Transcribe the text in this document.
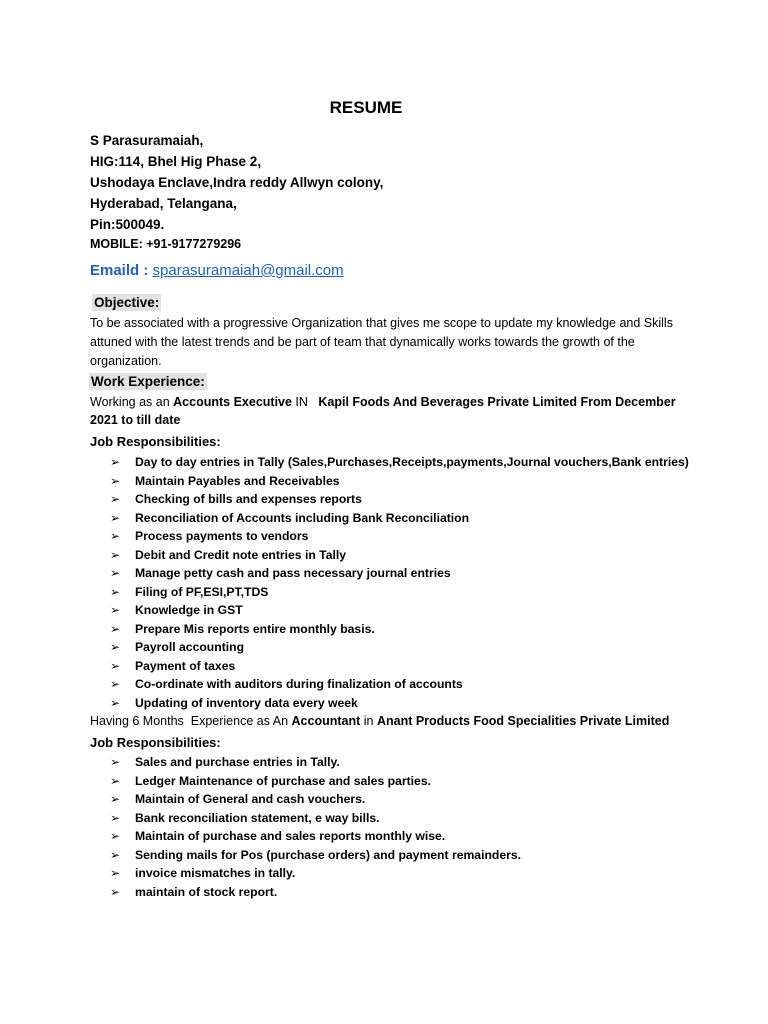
RESUME
S Parasuramaiah,
HIG:114, Bhel Hig Phase 2,
Ushodaya Enclave,Indra reddy Allwyn colony,
Hyderabad, Telangana,
Pin:500049.
MOBILE: +91-9177279296
Emaild : sparasuramaiah@gmail.com
Objective:
To be associated with a progressive Organization that gives me scope to update my knowledge and Skills attuned with the latest trends and be part of team that dynamically works towards the growth of the organization.
Work Experience:
Working as an Accounts Executive IN   Kapil Foods And Beverages Private Limited From December
2021 to till date
Job Responsibilities:
➢ Day to day entries in Tally (Sales,Purchases,Receipts,payments,Journal vouchers,Bank entries)
➢ Maintain Payables and Receivables
➢ Checking of bills and expenses reports
➢ Reconciliation of Accounts including Bank Reconciliation
➢ Process payments to vendors
➢ Debit and Credit note entries in Tally
➢ Manage petty cash and pass necessary journal entries
➢ Filing of PF,ESI,PT,TDS
➢ Knowledge in GST
➢ Prepare Mis reports entire monthly basis.
➢ Payroll accounting
➢ Payment of taxes
➢ Co-ordinate with auditors during finalization of accounts
➢ Updating of inventory data every week
Having 6 Months  Experience as An Accountant in Anant Products Food Specialities Private Limited
Job Responsibilities:
➢ Sales and purchase entries in Tally.
➢ Ledger Maintenance of purchase and sales parties.
➢ Maintain of General and cash vouchers.
➢ Bank reconciliation statement, e way bills.
➢ Maintain of purchase and sales reports monthly wise.
➢ Sending mails for Pos (purchase orders) and payment remainders.
➢ invoice mismatches in tally.
➢ maintain of stock report.
